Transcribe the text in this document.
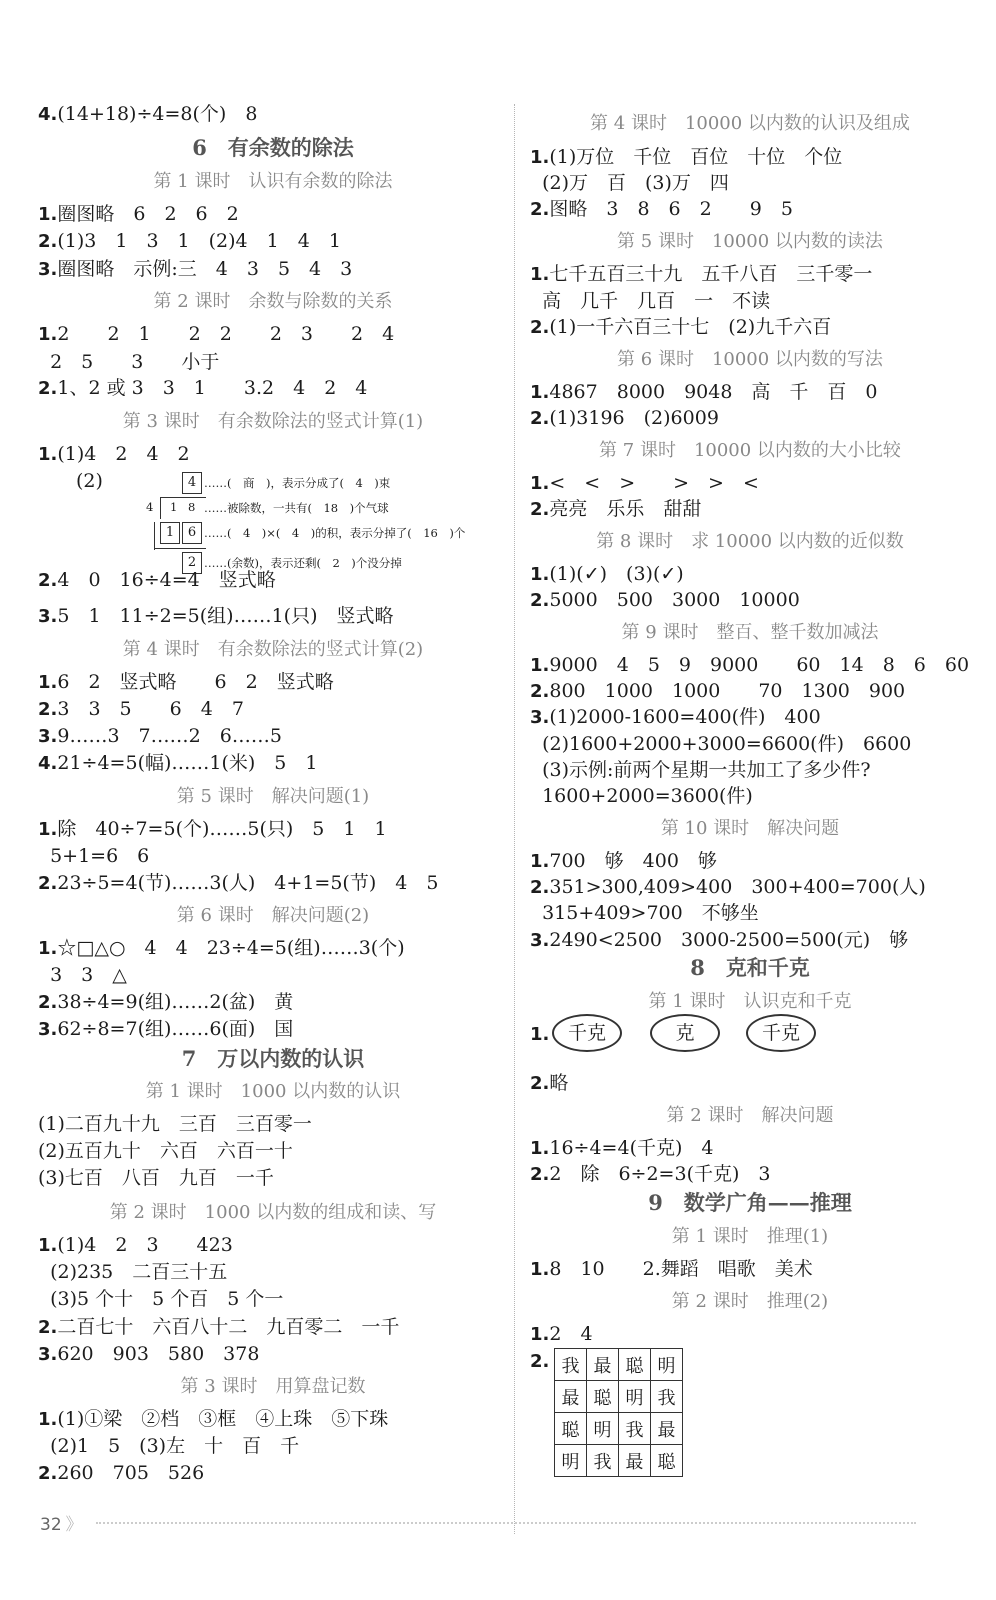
(2)	4 ……(　商　)，表示分成了(　4　)束
4 1 8 ……被除数，一共有(　18　)个气球
1	6 ……(　4　)×(　4　)的积，表示分掉了(　16　)个
2 ……(余数)，表示还剩(　2　)个没分掉
4.(14+18)÷4=8(个)　8
6　有余数的除法
第 1 课时　认识有余数的除法
1.圈图略　6　2　6　2
2.(1)3　1　3　1　(2)4　1　4　1
3.圈图略　示例:三　4　3　5　4　3
第 2 课时　余数与除数的关系
1.2　　2　1　　2　2　　2　3　　2　4
2　5　　3　　小于
2.1、2 或 3　3　1　　3.2　4　2　4
第 3 课时　有余数除法的竖式计算(1)
1.(1)4　2　4　2
2.4　0　16÷4=4　竖式略
3.5　1　11÷2=5(组)……1(只)　竖式略
第 4 课时　有余数除法的竖式计算(2)
1.6　2　竖式略　　6　2　竖式略
2.3　3　5　　6　4　7
3.9……3　7……2　6……5
4.21÷4=5(幅)……1(米)　5　1
第 5 课时　解决问题(1)
1.除　40÷7=5(个)……5(只)　5　1　1
5+1=6　6
2.23÷5=4(节)……3(人)　4+1=5(节)　4　5
第 6 课时　解决问题(2)
1.☆□△○　4　4　23÷4=5(组)……3(个)
3　3　△
2.38÷4=9(组)……2(盆)　黄
3.62÷8=7(组)……6(面)　国
7　万以内数的认识
第 1 课时　1000 以内数的认识
(1)二百九十九　三百　三百零一
(2)五百九十　六百　六百一十
(3)七百　八百　九百　一千
第 2 课时　1000 以内数的组成和读、写
1.(1)4　2　3　　423
(2)235　二百三十五
(3)5 个十　5 个百　5 个一
2.二百七十　六百八十二　九百零二　一千
3.620　903　580　378
第 3 课时　用算盘记数
1.(1)①梁　②档　③框　④上珠　⑤下珠
(2)1　5　(3)左　十　百　千
2.260　705　526
千克	克	千克
我	最	聪	明
最	聪	明	我
聪	明	我	最
明	我	最	聪
第 4 课时　10000 以内数的认识及组成
1.(1)万位　千位　百位　十位　个位
(2)万　百　(3)万　四
2.图略　3　8　6　2　　9　5
第 5 课时　10000 以内数的读法
1.七千五百三十九　五千八百　三千零一
高　几千　几百　一　不读
2.(1)一千六百三十七　(2)九千六百
第 6 课时　10000 以内数的写法
1.4867　8000　9048　高　千　百　0
2.(1)3196　(2)6009
第 7 课时　10000 以内数的大小比较
1.<　<　>　　>　>　<
2.亮亮　乐乐　甜甜
第 8 课时　求 10000 以内数的近似数
1.(1)(✓)　(3)(✓)
2.5000　500　3000　10000
第 9 课时　整百、整千数加减法
1.9000　4　5　9　9000　　60　14　8　6　60
2.800　1000　1000　　70　1300　900
3.(1)2000-1600=400(件)　400
(2)1600+2000+3000=6600(件)　6600
(3)示例:前两个星期一共加工了多少件?
1600+2000=3600(件)
第 10 课时　解决问题
1.700　够　400　够
2.351>300,409>400　300+400=700(人)
315+409>700　不够坐
3.2490<2500　3000-2500=500(元)　够
8　克和千克
第 1 课时　认识克和千克
1.
2.略
第 2 课时　解决问题
1.16÷4=4(千克)　4
2.2　除　6÷2=3(千克)　3
9　数学广角——推理
第 1 课时　推理(1)
1.8　10　　2.舞蹈　唱歌　美术
第 2 课时　推理(2)
1.2　4
2.
32 》
